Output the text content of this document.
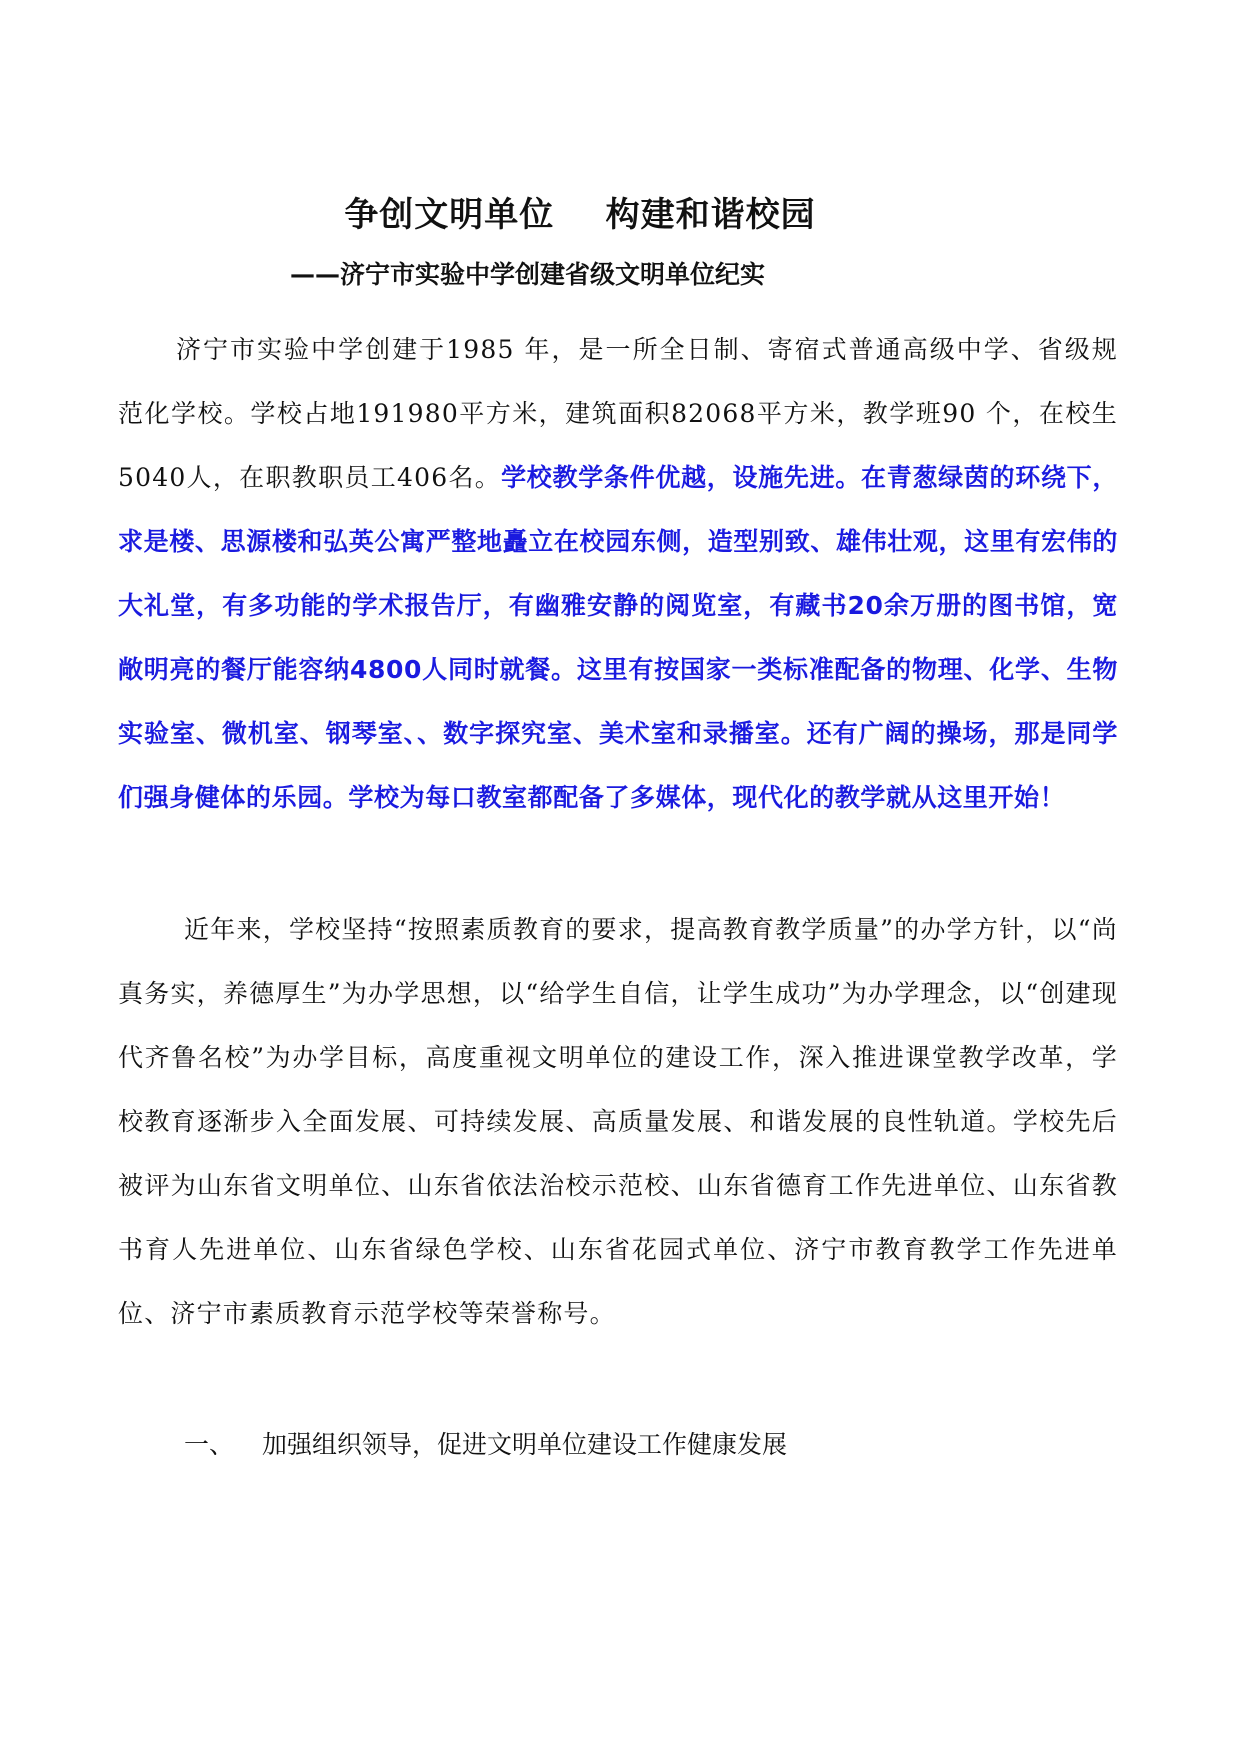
争创文明单位    构建和谐校园
——济宁市实验中学创建省级文明单位纪实

济宁市实验中学创建于1985 年，是一所全日制、寄宿式普通高级中学、省级规范化学校。学校占地191980平方米，建筑面积82068平方米，教学班90 个，在校生5040人，在职教职员工406名。学校教学条件优越，设施先进。在青葱绿茵的环绕下，求是楼、思源楼和弘英公寓严整地矗立在校园东侧，造型别致、雄伟壮观，这里有宏伟的大礼堂，有多功能的学术报告厅，有幽雅安静的阅览室，有藏书20余万册的图书馆，宽敞明亮的餐厅能容纳4800人同时就餐。这里有按国家一类标准配备的物理、化学、生物实验室、微机室、钢琴室、、数字探究室、美术室和录播室。还有广阔的操场，那是同学们强身健体的乐园。学校为每口教室都配备了多媒体，现代化的教学就从这里开始！

近年来，学校坚持“按照素质教育的要求，提高教育教学质量”的办学方针，以“尚真务实，养德厚生”为办学思想，以“给学生自信，让学生成功”为办学理念，以“创建现代齐鲁名校”为办学目标，高度重视文明单位的建设工作，深入推进课堂教学改革，学校教育逐渐步入全面发展、可持续发展、高质量发展、和谐发展的良性轨道。学校先后被评为山东省文明单位、山东省依法治校示范校、山东省德育工作先进单位、山东省教书育人先进单位、山东省绿色学校、山东省花园式单位、济宁市教育教学工作先进单位、济宁市素质教育示范学校等荣誉称号。

一、 加强组织领导，促进文明单位建设工作健康发展
